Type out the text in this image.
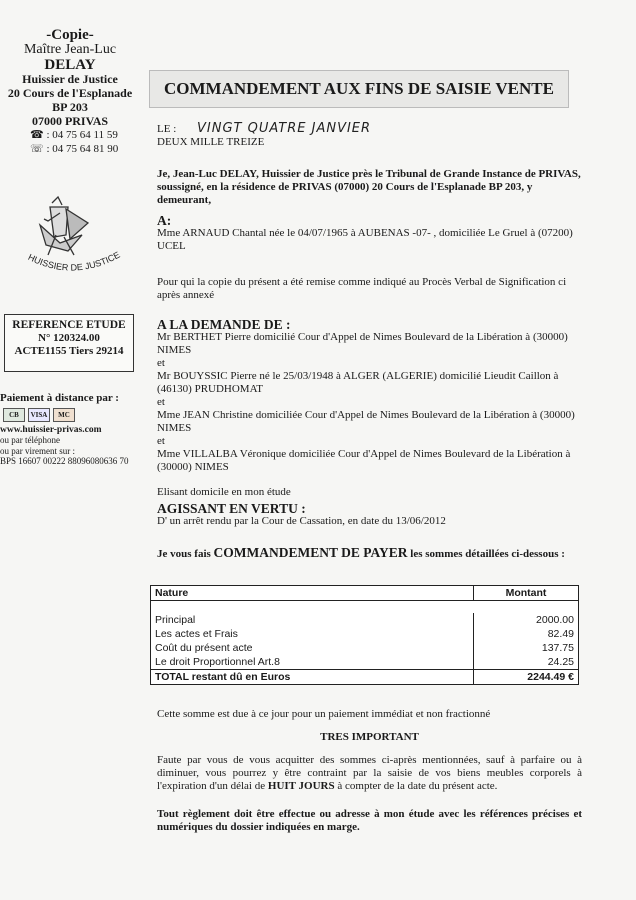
-Copie-
Maître Jean-Luc
DELAY
Huissier de Justice
20 Cours de l'Esplanade
BP 203
07000 PRIVAS
☎ : 04 75 64 11 59
☏ : 04 75 64 81 90
HUISSIER DE JUSTICE
REFERENCE ETUDE
N° 120324.00
ACTE1155 Tiers 29214
Paiement à distance par :
CB	VISA	MC
www.huissier-privas.com
ou par téléphone
ou par virement sur :
BPS 16607 00222 88096080636 70
COMMANDEMENT AUX FINS DE SAISIE VENTE
LE : VINGT QUATRE JANVIER
DEUX MILLE TREIZE
Je, Jean-Luc DELAY, Huissier de Justice près le Tribunal de Grande Instance de PRIVAS, soussigné, en la résidence de PRIVAS (07000) 20 Cours de l'Esplanade BP 203, y demeurant,
A:
Mme ARNAUD Chantal née le 04/07/1965 à AUBENAS -07- , domiciliée Le Gruel à (07200) UCEL
Pour qui la copie du présent a été remise comme indiqué au Procès Verbal de Signification ci après annexé
A LA DEMANDE DE :
Mr BERTHET Pierre domicilié Cour d'Appel de Nimes Boulevard de la Libération à (30000) NIMES
et
Mr BOUYSSIC Pierre né le 25/03/1948 à ALGER (ALGERIE) domicilié Lieudit Caillon à (46130) PRUDHOMAT
et
Mme JEAN Christine domiciliée Cour d'Appel de Nimes Boulevard de la Libération à (30000) NIMES
et
Mme VILLALBA Véronique domiciliée Cour d'Appel de Nimes Boulevard de la Libération à (30000) NIMES
Elisant domicile en mon étude
AGISSANT EN VERTU :
D' un arrêt rendu par la Cour de Cassation, en date du 13/06/2012
Je vous fais COMMANDEMENT DE PAYER les sommes détaillées ci-dessous :
Nature	Montant
Principal	2000.00
Les actes et Frais	82.49
Coût du présent acte	137.75
Le droit Proportionnel Art.8	24.25
TOTAL restant dû en Euros	2244.49 €
Cette somme est due à ce jour pour un paiement immédiat et non fractionné
TRES IMPORTANT
Faute par vous de vous acquitter des sommes ci-après mentionnées, sauf à parfaire ou à diminuer, vous pourrez y être contraint par la saisie de vos biens meubles corporels à l'expiration d'un délai de HUIT JOURS à compter de la date du présent acte.
Tout règlement doit être effectue ou adresse à mon étude avec les références précises et numériques du dossier indiquées en marge.
